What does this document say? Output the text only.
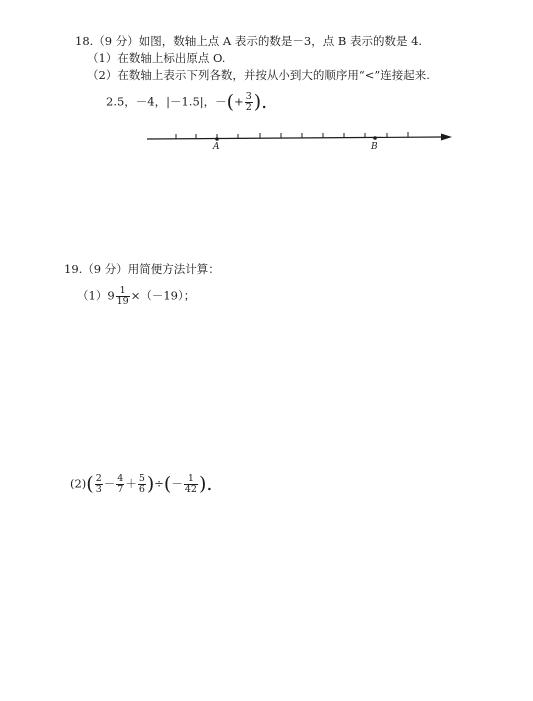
18.（9 分）如图，数轴上点 A 表示的数是－3，点 B 表示的数是 4.
（1）在数轴上标出原点 O.
（2）在数轴上表示下列各数，并按从小到大的顺序用“<”连接起来.
2.5，－4，|－1.5|，－(+ $\frac{3}{2}$ ).
A	B
19.（9 分）用简便方法计算：
$(1)9 \frac{1}{19} \times(-19)$；
$(2)( \frac{2}{3} - \frac{4}{7} + \frac{5}{6}$ )÷(－ $\frac{1}{42}$ ).
